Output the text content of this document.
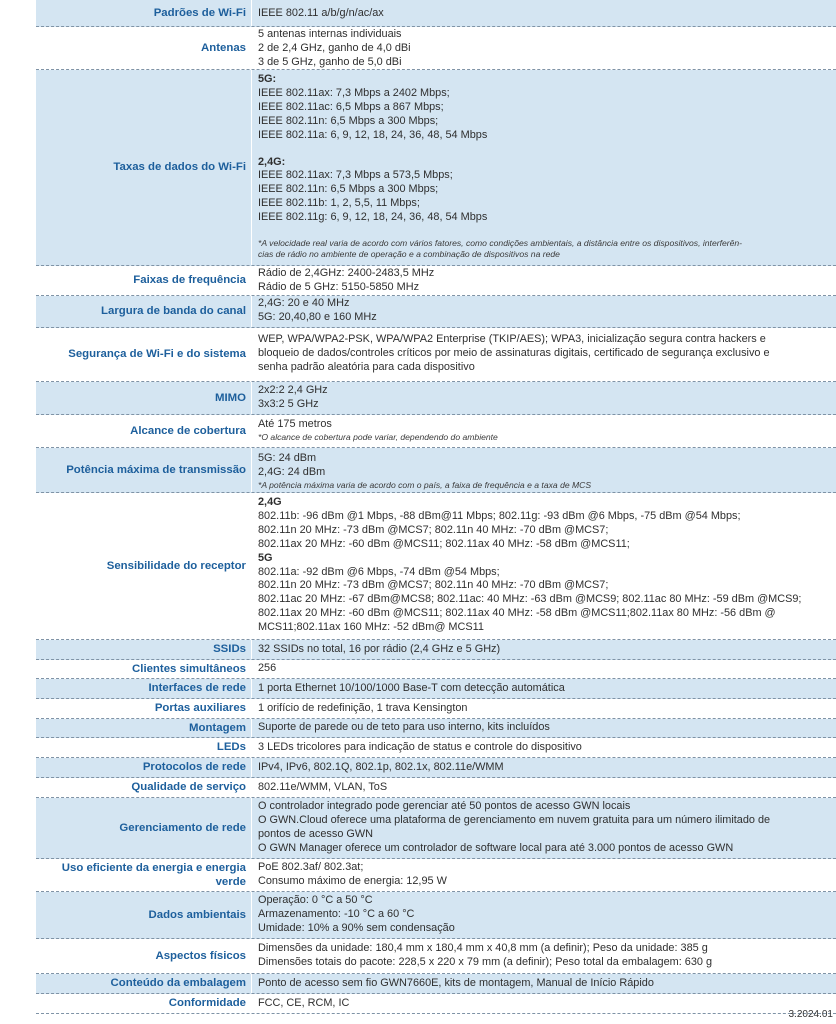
Padrões de Wi-Fi IEEE 802.11 a/b/g/n/ac/ax
Antenas
5 antenas internas individuais
2 de 2,4 GHz, ganho de 4,0 dBi
3 de 5 GHz, ganho de 5,0 dBi
Taxas de dados do Wi-Fi
5G:
IEEE 802.11ax: 7,3 Mbps a 2402 Mbps;
IEEE 802.11ac: 6,5 Mbps a 867 Mbps;
IEEE 802.11n: 6,5 Mbps a 300 Mbps;
IEEE 802.11a: 6, 9, 12, 18, 24, 36, 48, 54 Mbps
2,4G:
IEEE 802.11ax: 7,3 Mbps a 573,5 Mbps;
IEEE 802.11n: 6,5 Mbps a 300 Mbps;
IEEE 802.11b: 1, 2, 5,5, 11 Mbps;
IEEE 802.11g: 6, 9, 12, 18, 24, 36, 48, 54 Mbps
*A velocidade real varia de acordo com vários fatores, como condições ambientais, a distância entre os dispositivos, interferên-
cias de rádio no ambiente de operação e a combinação de dispositivos na rede
Faixas de frequência
Rádio de 2,4GHz: 2400-2483,5 MHz
Rádio de 5 GHz: 5150-5850 MHz
Largura de banda do canal
2,4G: 20 e 40 MHz
5G: 20,40,80 e 160 MHz
Segurança de Wi-Fi e do sistema
WEP, WPA/WPA2-PSK, WPA/WPA2 Enterprise (TKIP/AES); WPA3, inicialização segura contra hackers e
bloqueio de dados/controles críticos por meio de assinaturas digitais, certificado de segurança exclusivo e
senha padrão aleatória para cada dispositivo
MIMO
2x2:2 2,4 GHz
3x3:2 5 GHz
Alcance de cobertura
Até 175 metros
*O alcance de cobertura pode variar, dependendo do ambiente
Potência máxima de transmissão
5G: 24 dBm
2,4G: 24 dBm
*A potência máxima varia de acordo com o país, a faixa de frequência e a taxa de MCS
Sensibilidade do receptor
2,4G
802.11b: -96 dBm @1 Mbps, -88 dBm@11 Mbps; 802.11g: -93 dBm @6 Mbps, -75 dBm @54 Mbps;
802.11n 20 MHz: -73 dBm @MCS7; 802.11n 40 MHz: -70 dBm @MCS7;
802.11ax 20 MHz: -60 dBm @MCS11; 802.11ax 40 MHz: -58 dBm @MCS11;
5G
802.11a: -92 dBm @6 Mbps, -74 dBm @54 Mbps;
802.11n 20 MHz: -73 dBm @MCS7; 802.11n 40 MHz: -70 dBm @MCS7;
802.11ac 20 MHz: -67 dBm@MCS8; 802.11ac: 40 MHz: -63 dBm @MCS9; 802.11ac 80 MHz: -59 dBm @MCS9;
802.11ax 20 MHz: -60 dBm @MCS11; 802.11ax 40 MHz: -58 dBm @MCS11;802.11ax 80 MHz: -56 dBm @
MCS11;802.11ax 160 MHz: -52 dBm@ MCS11
SSIDs 32 SSIDs no total, 16 por rádio (2,4 GHz e 5 GHz)
Clientes simultâneos 256
Interfaces de rede 1 porta Ethernet 10/100/1000 Base-T com detecção automática
Portas auxiliares 1 orifício de redefinição, 1 trava Kensington
Montagem Suporte de parede ou de teto para uso interno, kits incluídos
LEDs 3 LEDs tricolores para indicação de status e controle do dispositivo
Protocolos de rede IPv4, IPv6, 802.1Q, 802.1p, 802.1x, 802.11e/WMM
Qualidade de serviço 802.11e/WMM, VLAN, ToS
Gerenciamento de rede
O controlador integrado pode gerenciar até 50 pontos de acesso GWN locais
O GWN.Cloud oferece uma plataforma de gerenciamento em nuvem gratuita para um número ilimitado de
pontos de acesso GWN
O GWN Manager oferece um controlador de software local para até 3.000 pontos de acesso GWN
Uso eficiente da energia e energia
verde
PoE 802.3af/ 802.3at;
Consumo máximo de energia: 12,95 W
Dados ambientais
Operação: 0 °C a 50 °C
Armazenamento: -10 °C a 60 °C
Umidade: 10% a 90% sem condensação
Aspectos físicos
Dimensões da unidade: 180,4 mm x 180,4 mm x 40,8 mm (a definir); Peso da unidade: 385 g
Dimensões totais do pacote: 228,5 x 220 x 79 mm (a definir); Peso total da embalagem: 630 g
Conteúdo da embalagem Ponto de acesso sem fio GWN7660E, kits de montagem, Manual de Início Rápido
Conformidade FCC, CE, RCM, IC
3.2024.01
